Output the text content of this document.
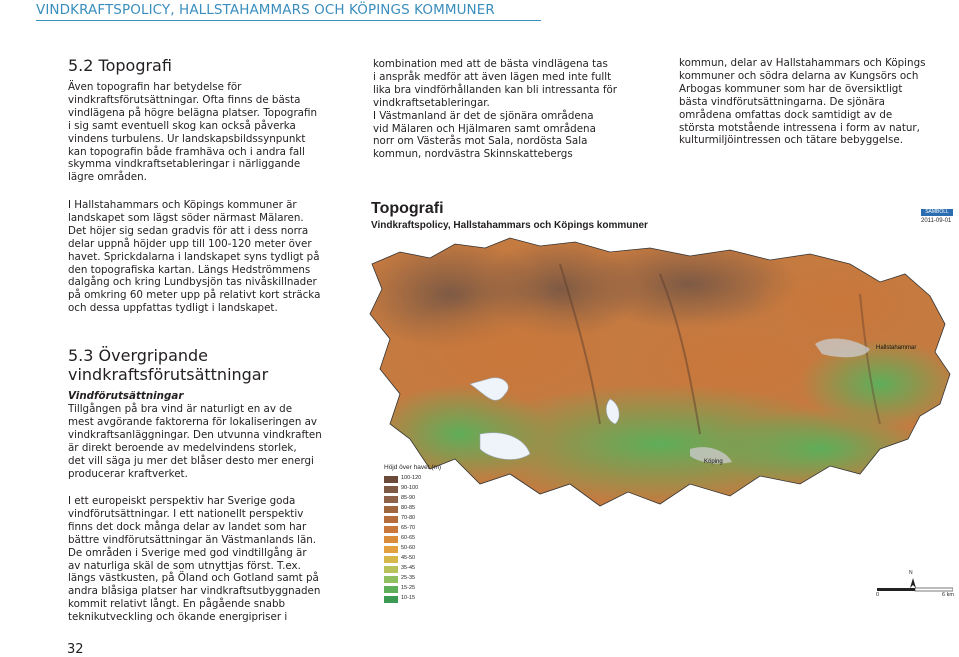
VINDKRAFTSPOLICY, HALLSTAHAMMARS OCH KÖPINGS KOMMUNER
5.2 Topografi
Även topografin har betydelse för
vindkraftsförutsättningar. Ofta finns de bästa
vindlägena på högre belägna platser. Topografin
i sig samt eventuell skog kan också påverka
vindens turbulens. Ur landskapsbildssynpunkt
kan topografin både framhäva och i andra fall
skymma vindkraftsetableringar i närliggande
lägre områden.
I Hallstahammars och Köpings kommuner är
landskapet som lägst söder närmast Mälaren.
Det höjer sig sedan gradvis för att i dess norra
delar uppnå höjder upp till 100-120 meter över
havet. Sprickdalarna i landskapet syns tydligt på
den topografiska kartan. Längs Hedströmmens
dalgång och kring Lundbysjön tas nivåskillnader
på omkring 60 meter upp på relativt kort sträcka
och dessa uppfattas tydligt i landskapet.
5.3 Övergripande
vindkraftsförutsättningar
Vindförutsättningar
Tillgången på bra vind är naturligt en av de
mest avgörande faktorerna för lokaliseringen av
vindkraftsanläggningar. Den utvunna vindkraften
är direkt beroende av medelvindens storlek,
det vill säga ju mer det blåser desto mer energi
producerar kraftverket.
I ett europeiskt perspektiv har Sverige goda
vindförutsättningar. I ett nationellt perspektiv
finns det dock många delar av landet som har
bättre vindförutsättningar än Västmanlands län.
De områden i Sverige med god vindtillgång är
av naturliga skäl de som utnyttjas först. T.ex.
längs västkusten, på Öland och Gotland samt på
andra blåsiga platser har vindkraftsutbyggnaden
kommit relativt långt. En pågående snabb
teknikutveckling och ökande energipriser i
kombination med att de bästa vindlägena tas
i anspråk medför att även lägen med inte fullt
lika bra vindförhållanden kan bli intressanta för
vindkraftsetableringar.
I Västmanland är det de sjönära områdena
vid Mälaren och Hjälmaren samt områdena
norr om Västerås mot Sala, nordösta Sala
kommun, nordvästra Skinnskattebergs
kommun, delar av Hallstahammars och Köpings
kommuner och södra delarna av Kungsörs och
Arbogas kommuner som har de översiktligt
bästa vindförutsättningarna. De sjönära
områdena omfattas dock samtidigt av de
största motstående intressena i form av natur,
kulturmiljöintressen och tätare bebyggelse.
Topografi
Vindkraftspolicy, Hallstahammars och Köpings kommuner
SAMBOLL
2011-09-01
Hallstahammar
Köping
Höjd över havet (m)
100-120
90-100
85-90
80-85
70-80
65-70
60-65
50-60
45-50
35-45
25-35
15-25
10-15
N
0	6 km
32
